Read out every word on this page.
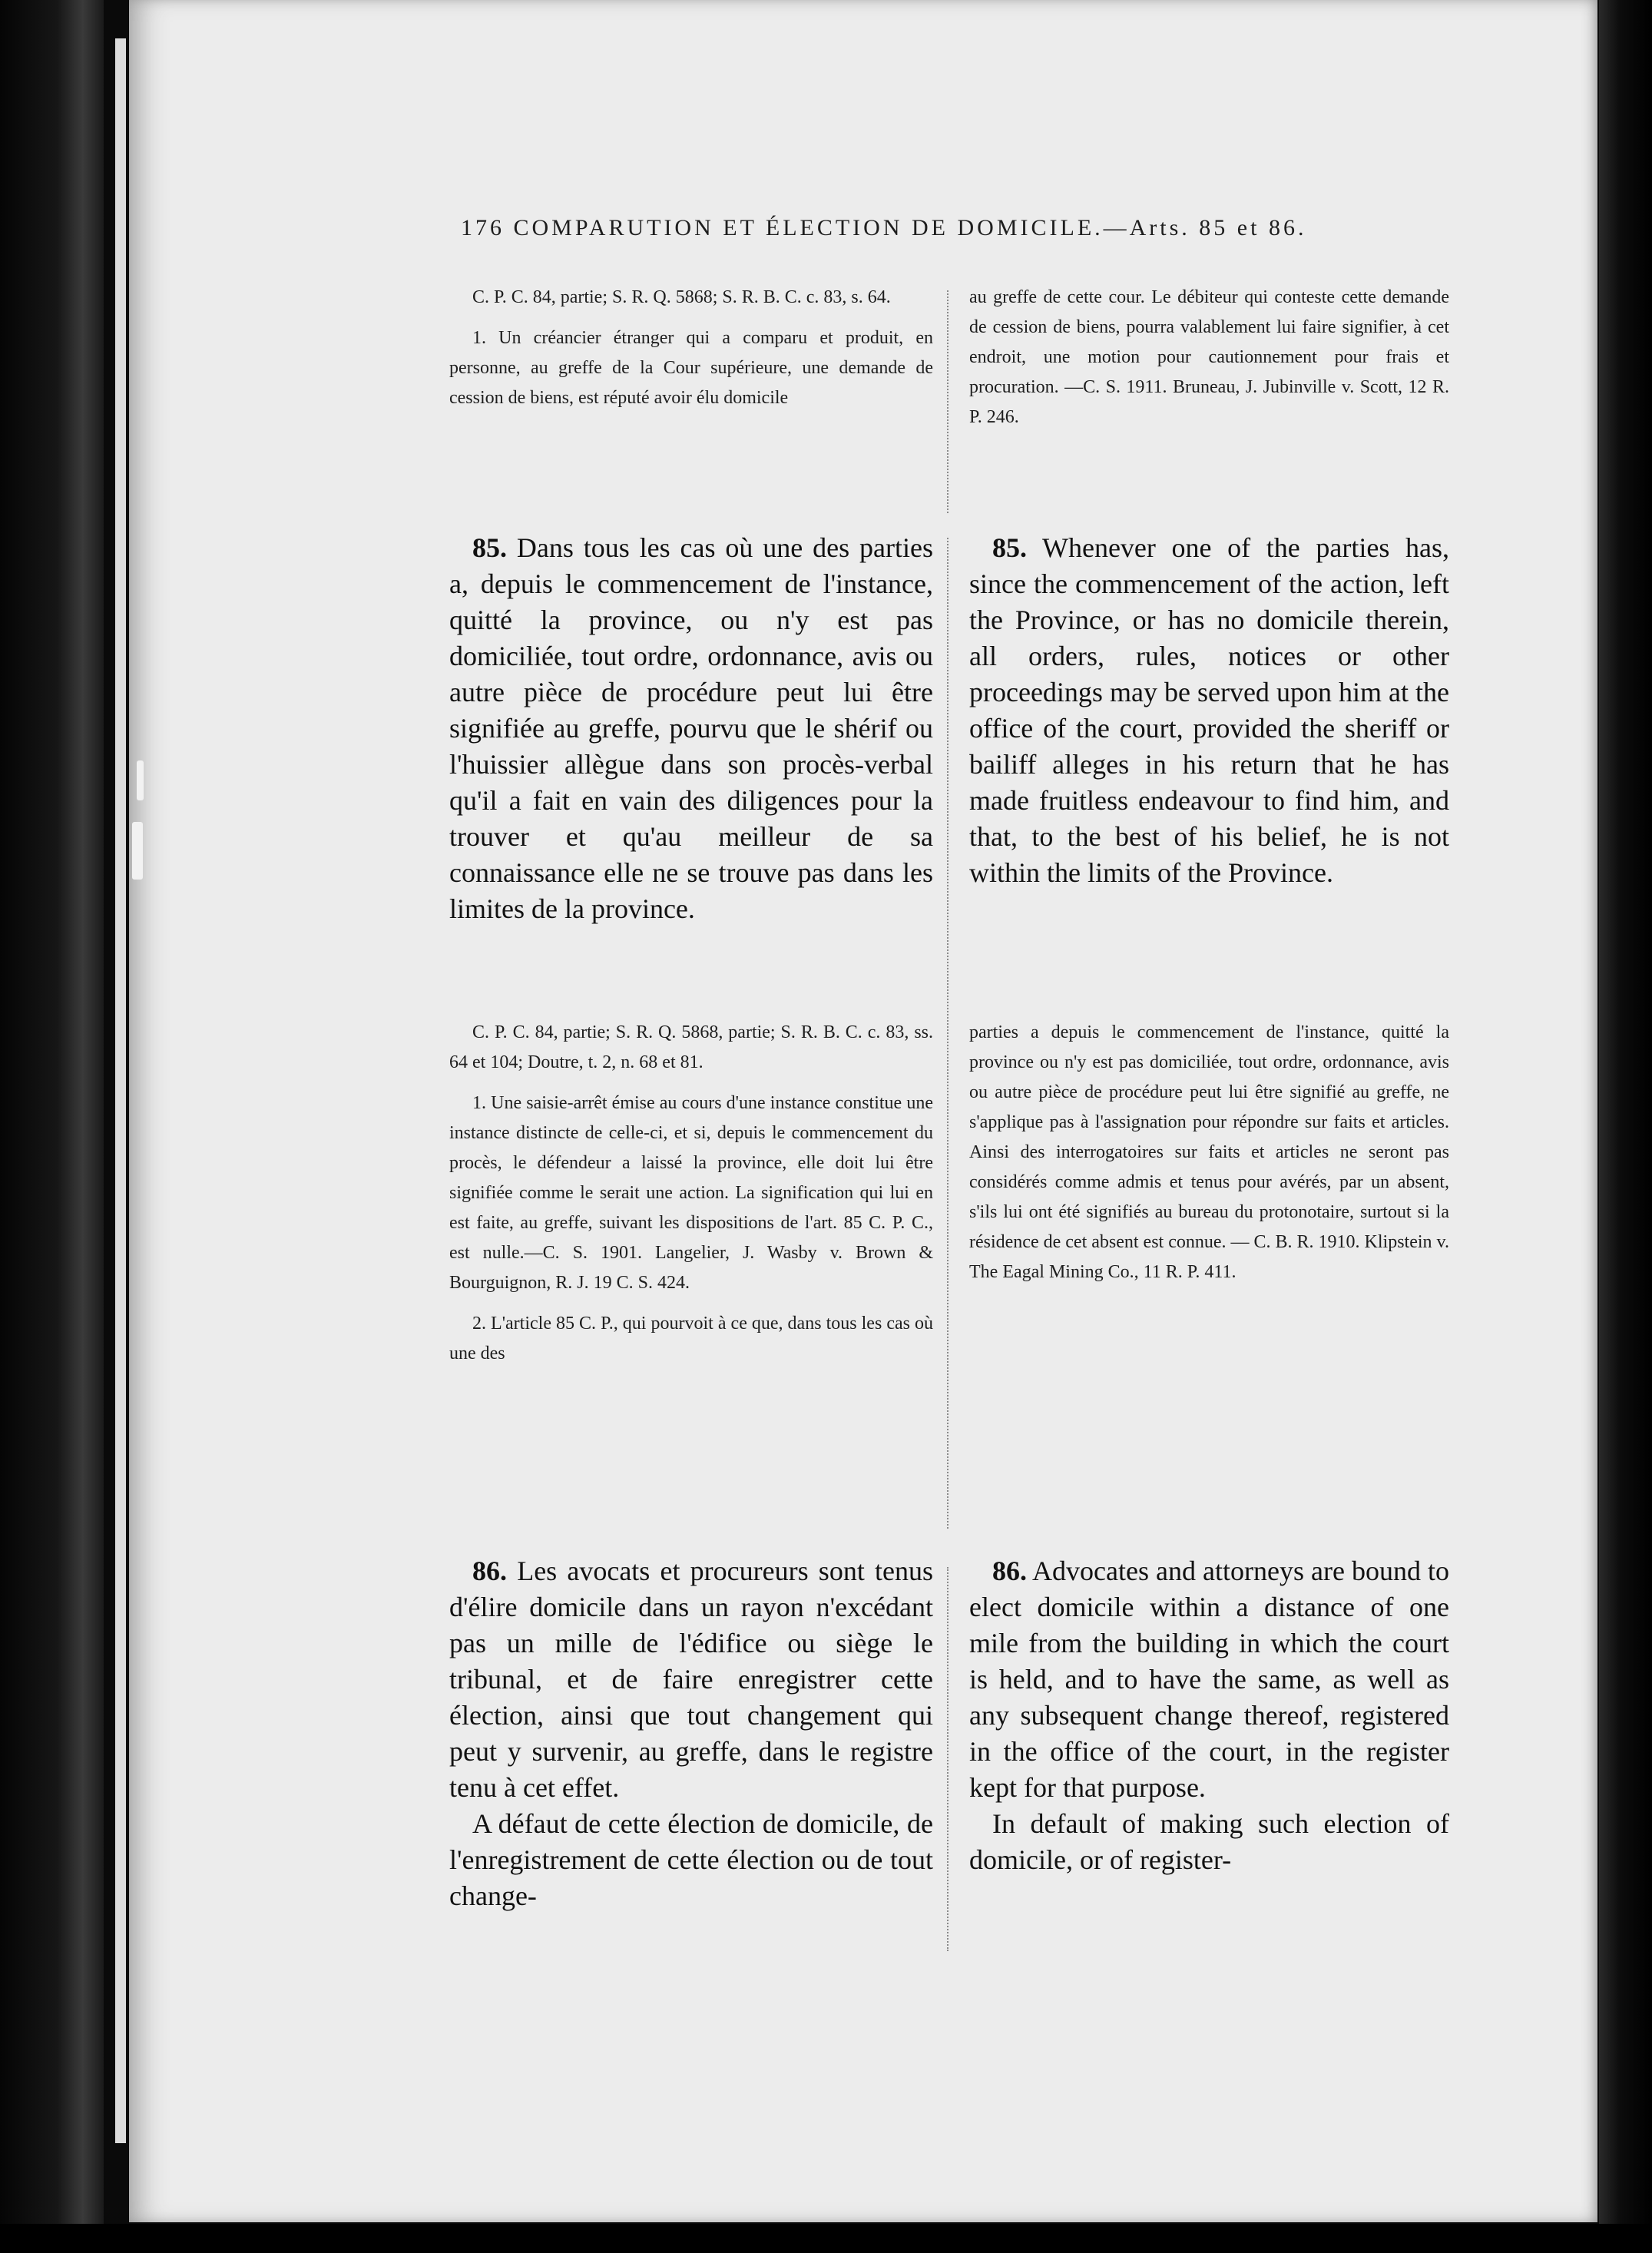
176 COMPARUTION ET ÉLECTION DE DOMICILE.—Arts. 85 et 86.

C. P. C. 84, partie; S. R. Q. 5868; S. R. B. C. c. 83, s. 64.

1. Un créancier étranger qui a comparu et produit, en personne, au greffe de la Cour supérieure, une demande de cession de biens, est réputé avoir élu domicile

85. Dans tous les cas où une des parties a, depuis le commencement de l'instance, quitté la province, ou n'y est pas domiciliée, tout ordre, ordonnance, avis ou autre pièce de procédure peut lui être signifiée au greffe, pourvu que le shérif ou l'huissier allègue dans son procès-verbal qu'il a fait en vain des diligences pour la trouver et qu'au meilleur de sa connaissance elle ne se trouve pas dans les limites de la province.

C. P. C. 84, partie; S. R. Q. 5868, partie; S. R. B. C. c. 83, ss. 64 et 104; Doutre, t. 2, n. 68 et 81.

1. Une saisie-arrêt émise au cours d'une instance constitue une instance distincte de celle-ci, et si, depuis le commencement du procès, le défendeur a laissé la province, elle doit lui être signifiée comme le serait une action. La signification qui lui en est faite, au greffe, suivant les dispositions de l'art. 85 C. P. C., est nulle.—C. S. 1901. Langelier, J. Wasby v. Brown & Bourguignon, R. J. 19 C. S. 424.

2. L'article 85 C. P., qui pourvoit à ce que, dans tous les cas où une des

86. Les avocats et procureurs sont tenus d'élire domicile dans un rayon n'excédant pas un mille de l'édifice ou siège le tribunal, et de faire enregistrer cette élection, ainsi que tout changement qui peut y survenir, au greffe, dans le registre tenu à cet effet.

A défaut de cette élection de domicile, de l'enregistrement de cette élection ou de tout change-

au greffe de cette cour. Le débiteur qui conteste cette demande de cession de biens, pourra valablement lui faire signifier, à cet endroit, une motion pour cautionnement pour frais et procuration. —C. S. 1911. Bruneau, J. Jubinville v. Scott, 12 R. P. 246.

85. Whenever one of the parties has, since the commencement of the action, left the Province, or has no domicile therein, all orders, rules, notices or other proceedings may be served upon him at the office of the court, provided the sheriff or bailiff alleges in his return that he has made fruitless endeavour to find him, and that, to the best of his belief, he is not within the limits of the Province.

parties a depuis le commencement de l'instance, quitté la province ou n'y est pas domiciliée, tout ordre, ordonnance, avis ou autre pièce de procédure peut lui être signifié au greffe, ne s'applique pas à l'assignation pour répondre sur faits et articles. Ainsi des interrogatoires sur faits et articles ne seront pas considérés comme admis et tenus pour avérés, par un absent, s'ils lui ont été signifiés au bureau du protonotaire, surtout si la résidence de cet absent est connue. — C. B. R. 1910. Klipstein v. The Eagal Mining Co., 11 R. P. 411.

86. Advocates and attorneys are bound to elect domicile within a distance of one mile from the building in which the court is held, and to have the same, as well as any subsequent change thereof, registered in the office of the court, in the register kept for that purpose.

In default of making such election of domicile, or of register-
